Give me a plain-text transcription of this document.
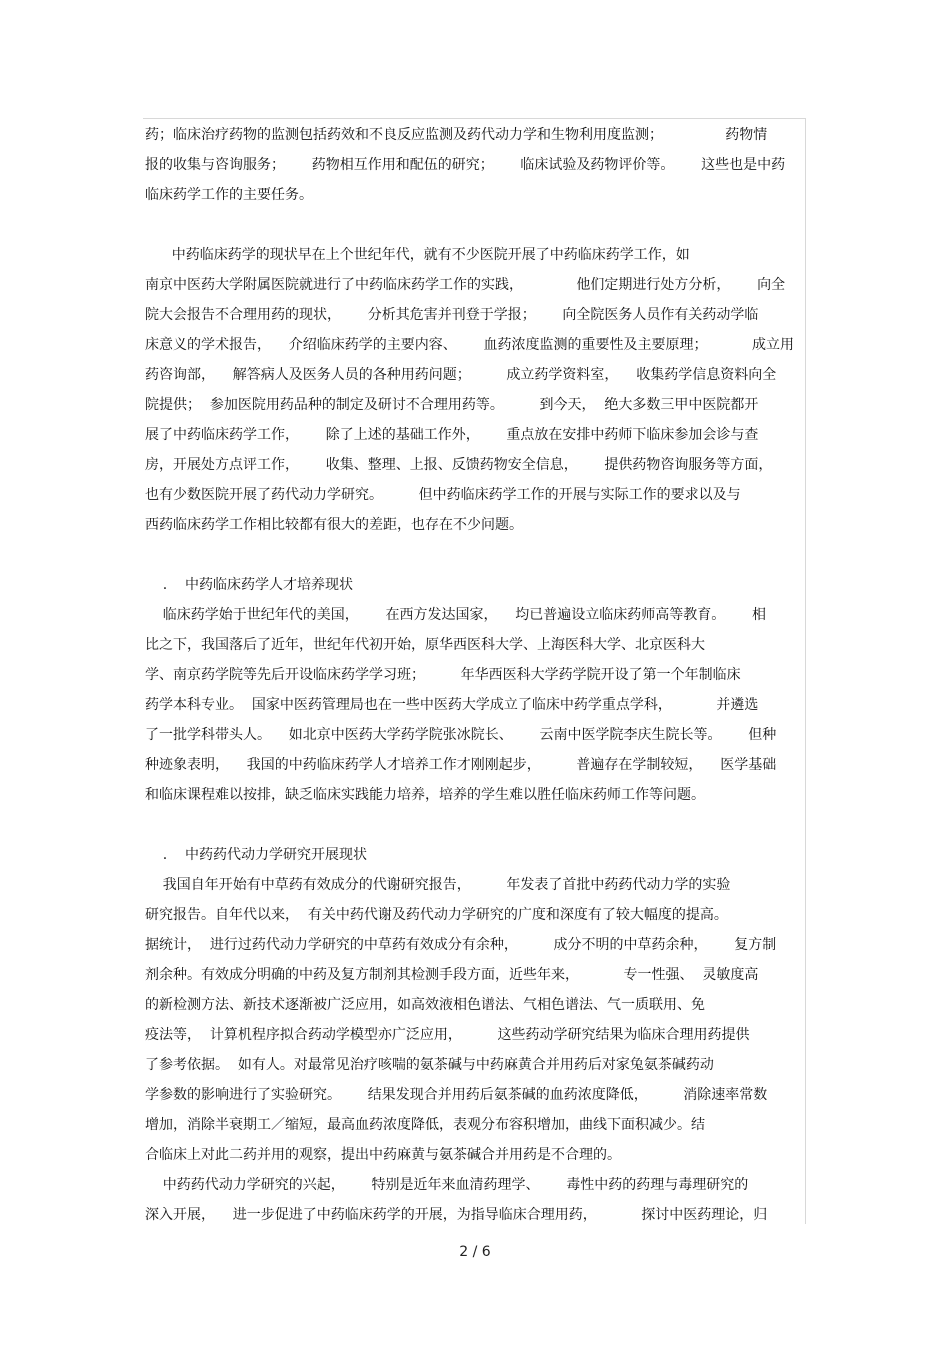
药；临床治疗药物的监测包括药效和不良反应监测及药代动力学和生物利用度监测；              药物情
报的收集与咨询服务；      药物相互作用和配伍的研究；      临床试验及药物评价等。      这些也是中药
临床药学工作的主要任务。
中药临床药学的现状早在上个世纪年代，就有不少医院开展了中药临床药学工作，如
南京中医药大学附属医院就进行了中药临床药学工作的实践，            他们定期进行处方分析，      向全
院大会报告不合理用药的现状，      分析其危害并刊登于学报；      向全院医务人员作有关药动学临
床意义的学术报告，    介绍临床药学的主要内容、      血药浓度监测的重要性及主要原理；          成立用
药咨询部，    解答病人及医务人员的各种用药问题；        成立药学资料室，    收集药学信息资料向全
院提供；  参加医院用药品种的制定及研讨不合理用药等。        到今天，  绝大多数三甲中医院都开
展了中药临床药学工作，      除了上述的基础工作外，      重点放在安排中药师下临床参加会诊与查
房，开展处方点评工作，      收集、整理、上报、反馈药物安全信息，      提供药物咨询服务等方面，
也有少数医院开展了药代动力学研究。        但中药临床药学工作的开展与实际工作的要求以及与
西药临床药学工作相比较都有很大的差距，也存在不少问题。
.    中药临床药学人才培养现状
临床药学始于世纪年代的美国，      在西方发达国家，    均已普遍设立临床药师高等教育。      相
比之下，我国落后了近年，世纪年代初开始，原华西医科大学、上海医科大学、北京医科大
学、南京药学院等先后开设临床药学学习班；        年华西医科大学药学院开设了第一个年制临床
药学本科专业。  国家中医药管理局也在一些中医药大学成立了临床中药学重点学科，          并遴选
了一批学科带头人。    如北京中医药大学药学院张冰院长、      云南中医学院李庆生院长等。      但种
种迹象表明，    我国的中药临床药学人才培养工作才刚刚起步，        普遍存在学制较短，    医学基础
和临床课程难以按排，缺乏临床实践能力培养，培养的学生难以胜任临床药师工作等问题。
.    中药药代动力学研究开展现状
我国自年开始有中草药有效成分的代谢研究报告，        年发表了首批中药药代动力学的实验
研究报告。自年代以来，  有关中药代谢及药代动力学研究的广度和深度有了较大幅度的提高。
据统计，  进行过药代动力学研究的中草药有效成分有余种，        成分不明的中草药余种，      复方制
剂余种。有效成分明确的中药及复方制剂其检测手段方面，近些年来，          专一性强、  灵敏度高
的新检测方法、新技术逐渐被广泛应用，如高效液相色谱法、气相色谱法、气一质联用、免
疫法等，  计算机程序拟合药动学模型亦广泛应用，        这些药动学研究结果为临床合理用药提供
了参考依据。  如有人。对最常见治疗咳喘的氨茶碱与中药麻黄合并用药后对家兔氨茶碱药动
学参数的影响进行了实验研究。      结果发现合并用药后氨茶碱的血药浓度降低，        消除速率常数
增加，消除半衰期工／缩短，最高血药浓度降低，表观分布容积增加，曲线下面积减少。结
合临床上对此二药并用的观察，提出中药麻黄与氨茶碱合并用药是不合理的。
中药药代动力学研究的兴起，      特别是近年来血清药理学、      毒性中药的药理与毒理研究的
深入开展，    进一步促进了中药临床药学的开展，为指导临床合理用药，          探讨中医药理论，归
2 / 6
